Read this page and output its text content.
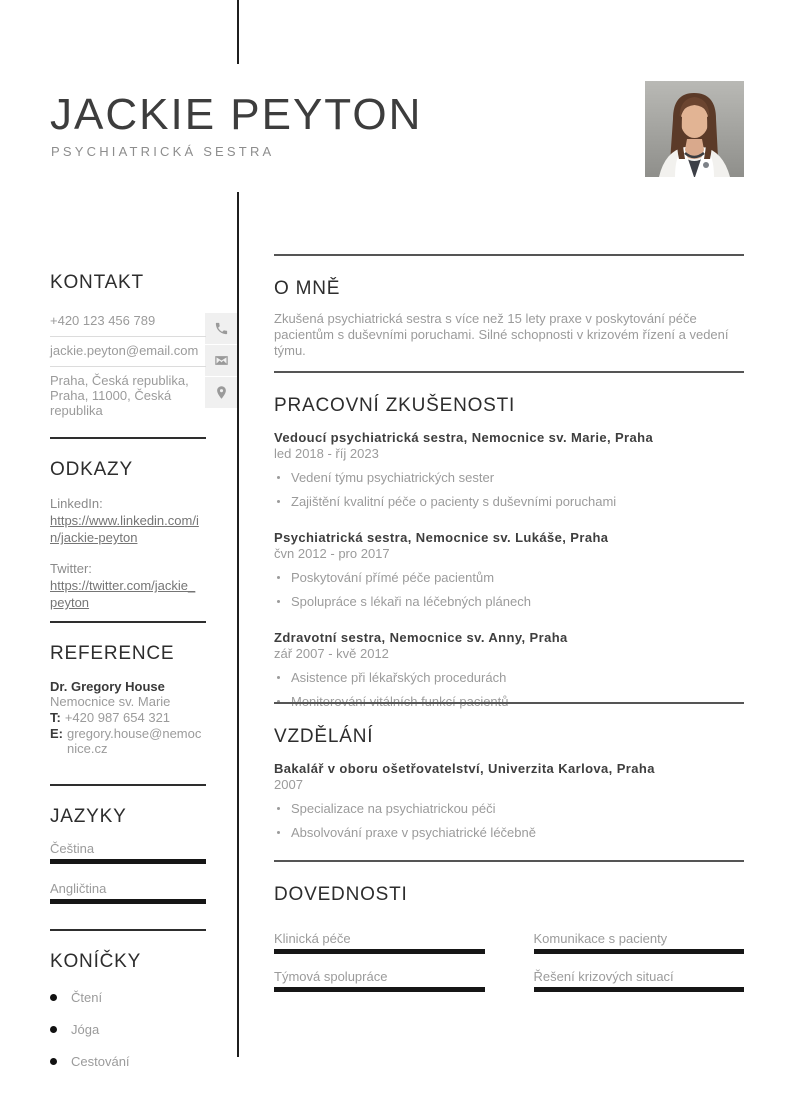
JACKIE PEYTON
PSYCHIATRICKÁ SESTRA
KONTAKT
+420 123 456 789
jackie.peyton@email.com
Praha, Česká republika,
Praha, 11000, Česká republika
ODKAZY
LinkedIn:
https://www.linkedin.com/in/jackie-peyton
Twitter:
https://twitter.com/jackie_peyton
REFERENCE
Dr. Gregory House
Nemocnice sv. Marie
T: +420 987 654 321
E: gregory.house@nemocnice.cz
JAZYKY
Čeština
Angličtina
KONÍČKY
Čtení
Jóga
Cestování
O MNĚ

Zkušená psychiatrická sestra s více než 15 lety praxe v poskytování péče pacientům s duševními poruchami. Silné schopnosti v krizovém řízení a vedení týmu.

PRACOVNÍ ZKUŠENOSTI
Vedoucí psychiatrická sestra, Nemocnice sv. Marie, Praha
led 2018 - říj 2023
Vedení týmu psychiatrických sester
Zajištění kvalitní péče o pacienty s duševními poruchami
Psychiatrická sestra, Nemocnice sv. Lukáše, Praha
čvn 2012 - pro 2017
Poskytování přímé péče pacientům
Spolupráce s lékaři na léčebných plánech
Zdravotní sestra, Nemocnice sv. Anny, Praha
zář 2007 - kvě 2012
Asistence při lékařských procedurách
VZDĚLÁNÍ
Bakalář v oboru ošetřovatelství, Univerzita Karlova, Praha
2007
Specializace na psychiatrickou péči
Absolvování praxe v psychiatrické léčebně
DOVEDNOSTI
Klinická péče	Komunikace s pacienty
Týmová spolupráce	Řešení krizových situací
